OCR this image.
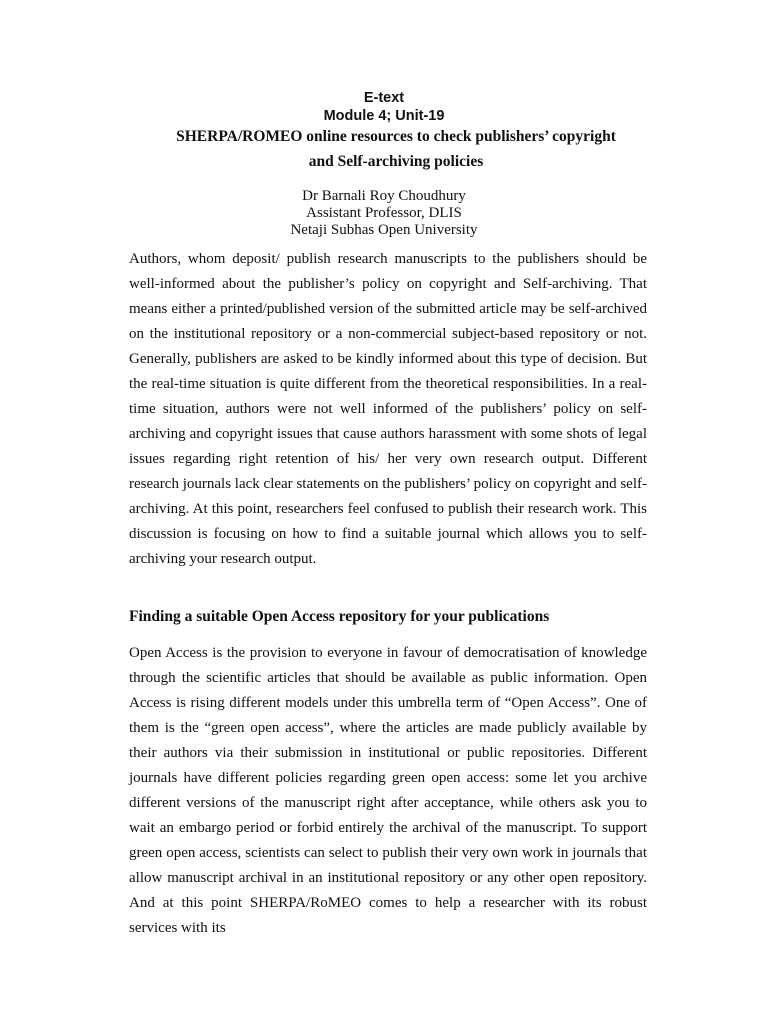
E-text

Module 4; Unit-19

SHERPA/ROMEO online resources to check publishers’ copyright

and Self-archiving policies

Dr Barnali Roy Choudhury

Assistant Professor, DLIS

Netaji Subhas Open University

Authors, whom deposit/ publish research manuscripts to the publishers should be well-informed about the publisher’s policy on copyright and Self-archiving. That means either a printed/published version of the submitted article may be self-archived on the institutional repository or a non-commercial subject-based repository or not. Generally, publishers are asked to be kindly informed about this type of decision. But the real-time situation is quite different from the theoretical responsibilities. In a real-time situation, authors were not well informed of the publishers’ policy on self-archiving and copyright issues that cause authors harassment with some shots of legal issues regarding right retention of his/ her very own research output. Different research journals lack clear statements on the publishers’ policy on copyright and self-archiving. At this point, researchers feel confused to publish their research work. This discussion is focusing on how to find a suitable journal which allows you to self-archiving your research output.

Finding a suitable Open Access repository for your publications

Open Access is the provision to everyone in favour of democratisation of knowledge through the scientific articles that should be available as public information. Open Access is rising different models under this umbrella term of “Open Access”. One of them is the “green open access”, where the articles are made publicly available by their authors via their submission in institutional or public repositories. Different journals have different policies regarding green open access: some let you archive different versions of the manuscript right after acceptance, while others ask you to wait an embargo period or forbid entirely the archival of the manuscript. To support green open access, scientists can select to publish their very own work in journals that allow manuscript archival in an institutional repository or any other open repository. And at this point SHERPA/RoMEO comes to help a researcher with its robust services with its
